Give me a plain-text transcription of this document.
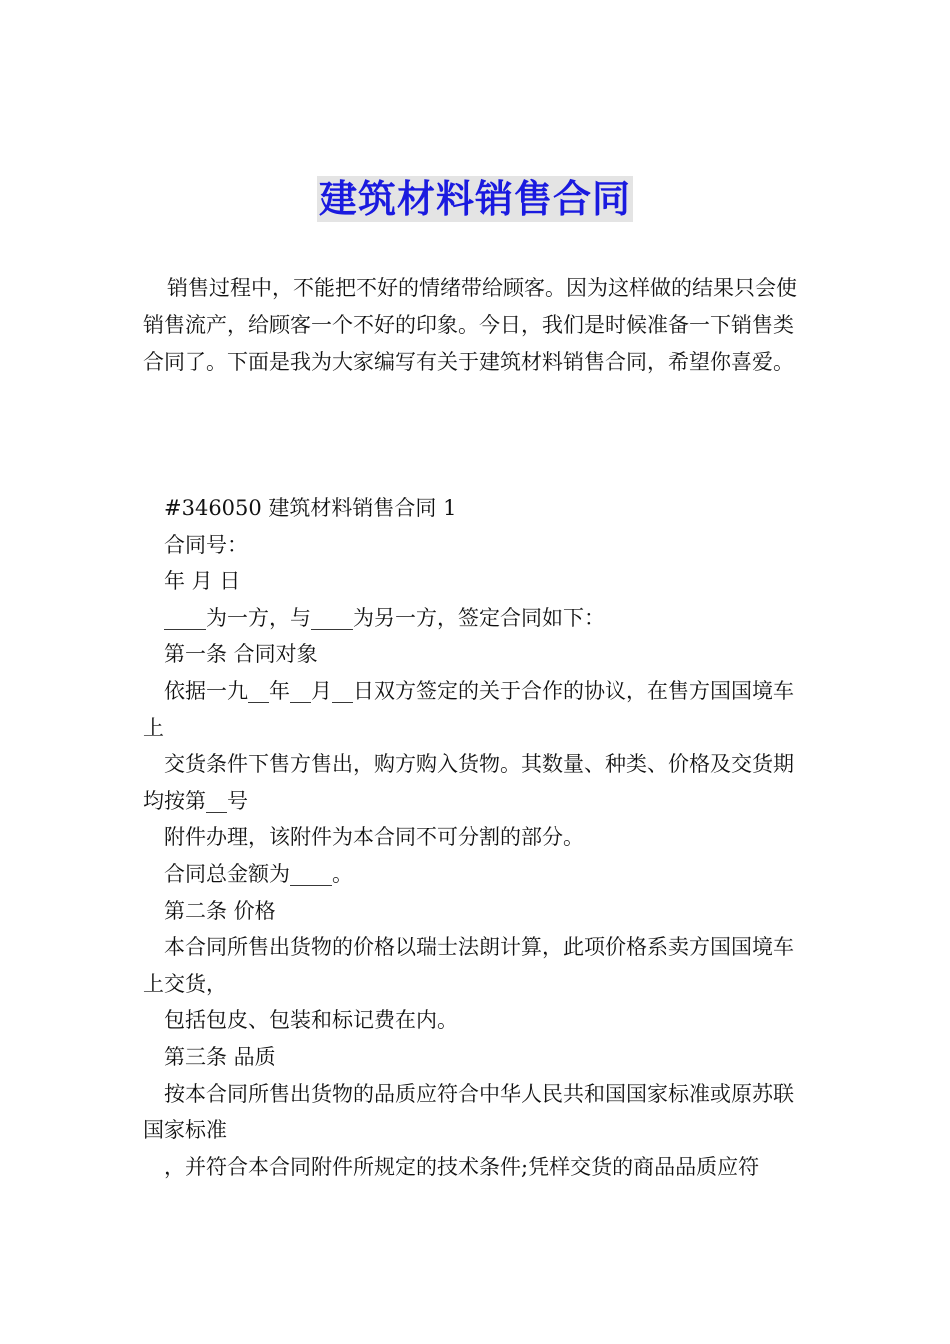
建筑材料销售合同

销售过程中，不能把不好的情绪带给顾客。因为这样做的结果只会使销售流产，给顾客一个不好的印象。今日，我们是时候准备一下销售类合同了。下面是我为大家编写有关于建筑材料销售合同，希望你喜爱。

#346050 建筑材料销售合同 1

合同号：

年 月 日

____为一方，与____为另一方，签定合同如下：

第一条 合同对象

依据一九__年__月__日双方签定的关于合作的协议，在售方国国境车上

交货条件下售方售出，购方购入货物。其数量、种类、价格及交货期均按第__号

附件办理，该附件为本合同不可分割的部分。

合同总金额为____。

第二条 价格

本合同所售出货物的价格以瑞士法朗计算，此项价格系卖方国国境车上交货，

包括包皮、包装和标记费在内。

第三条 品质

按本合同所售出货物的品质应符合中华人民共和国国家标准或原苏联国家标准

，并符合本合同附件所规定的技术条件;凭样交货的商品品质应符
